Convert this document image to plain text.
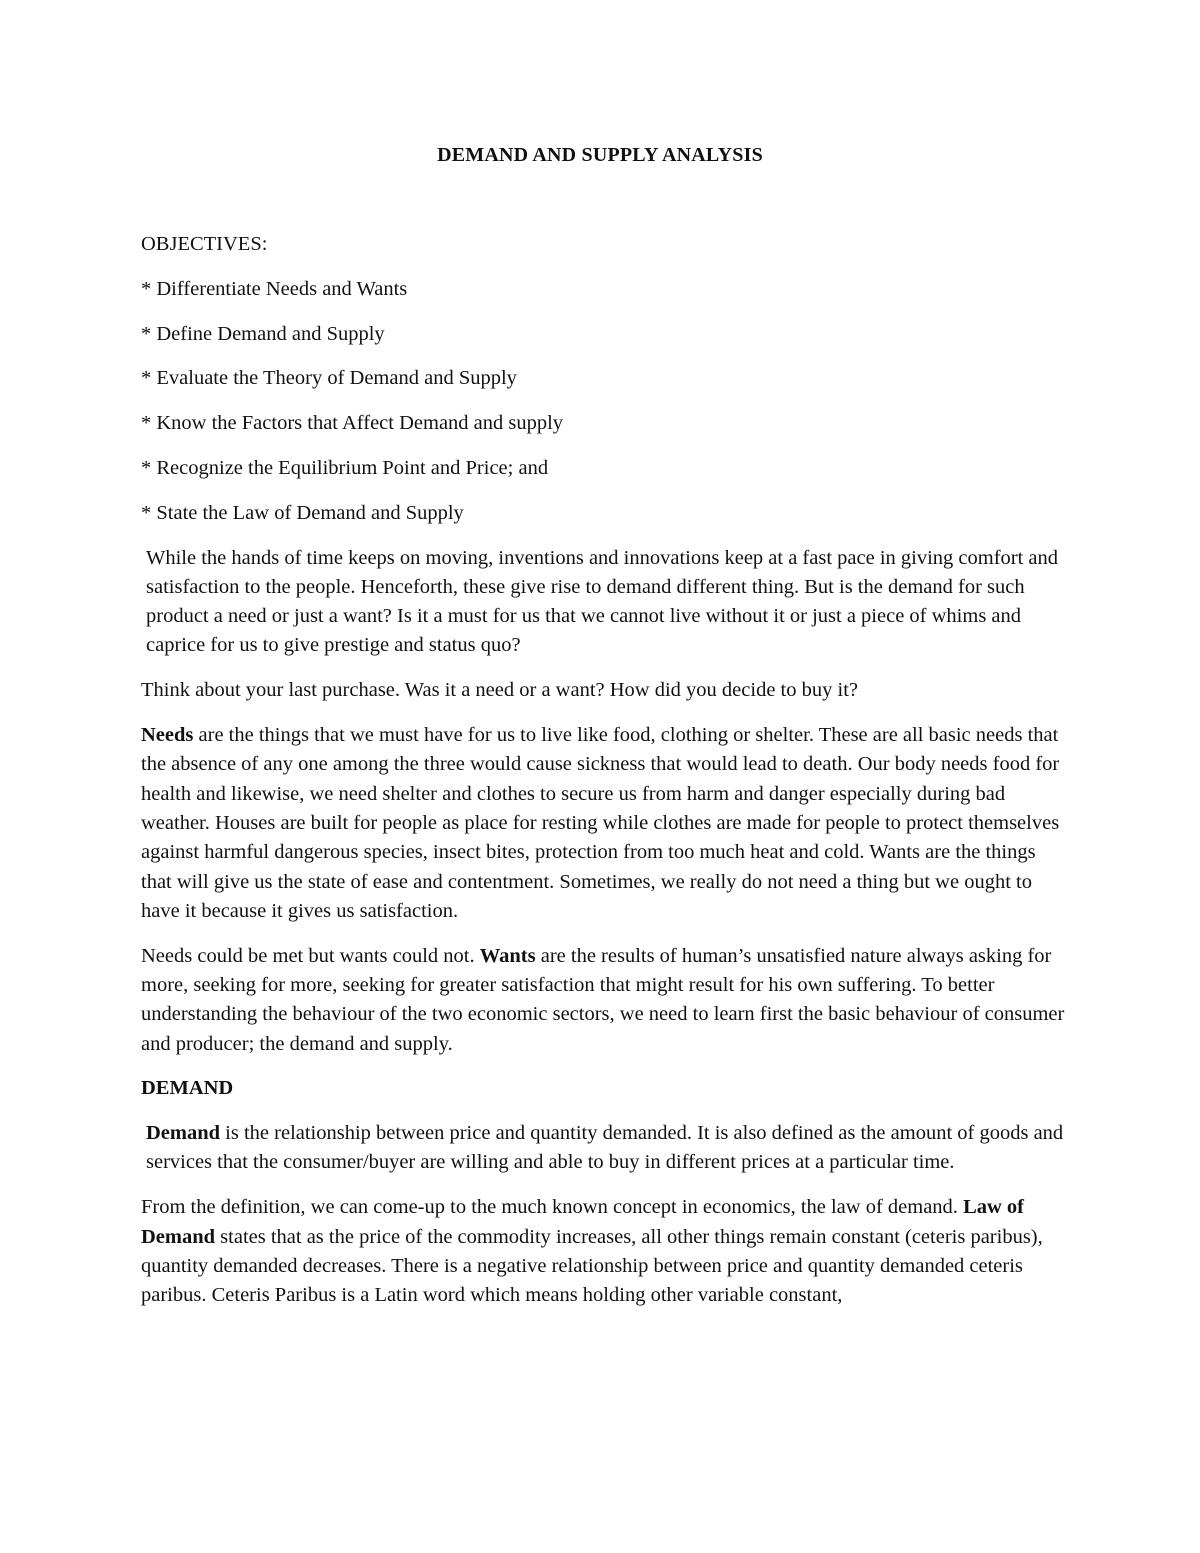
DEMAND AND SUPPLY ANALYSIS

OBJECTIVES:

* Differentiate Needs and Wants
* Define Demand and Supply
* Evaluate the Theory of Demand and Supply
* Know the Factors that Affect Demand and supply
* Recognize the Equilibrium Point and Price; and
* State the Law of Demand and Supply

While the hands of time keeps on moving, inventions and innovations keep at a fast pace in giving comfort and satisfaction to the people. Henceforth, these give rise to demand different thing. But is the demand for such product a need or just a want? Is it a must for us that we cannot live without it or just a piece of whims and caprice for us to give prestige and status quo?

Think about your last purchase. Was it a need or a want? How did you decide to buy it?

Needs are the things that we must have for us to live like food, clothing or shelter. These are all basic needs that the absence of any one among the three would cause sickness that would lead to death. Our body needs food for health and likewise, we need shelter and clothes to secure us from harm and danger especially during bad weather. Houses are built for people as place for resting while clothes are made for people to protect themselves against harmful dangerous species, insect bites, protection from too much heat and cold. Wants are the things that will give us the state of ease and contentment. Sometimes, we really do not need a thing but we ought to have it because it gives us satisfaction.

Needs could be met but wants could not. Wants are the results of human’s unsatisfied nature always asking for more, seeking for more, seeking for greater satisfaction that might result for his own suffering. To better understanding the behaviour of the two economic sectors, we need to learn first the basic behaviour of consumer and producer; the demand and supply.

DEMAND

Demand is the relationship between price and quantity demanded. It is also defined as the amount of goods and services that the consumer/buyer are willing and able to buy in different prices at a particular time.

From the definition, we can come-up to the much known concept in economics, the law of demand. Law of Demand states that as the price of the commodity increases, all other things remain constant (ceteris paribus), quantity demanded decreases. There is a negative relationship between price and quantity demanded ceteris paribus. Ceteris Paribus is a Latin word which means holding other variable constant,
